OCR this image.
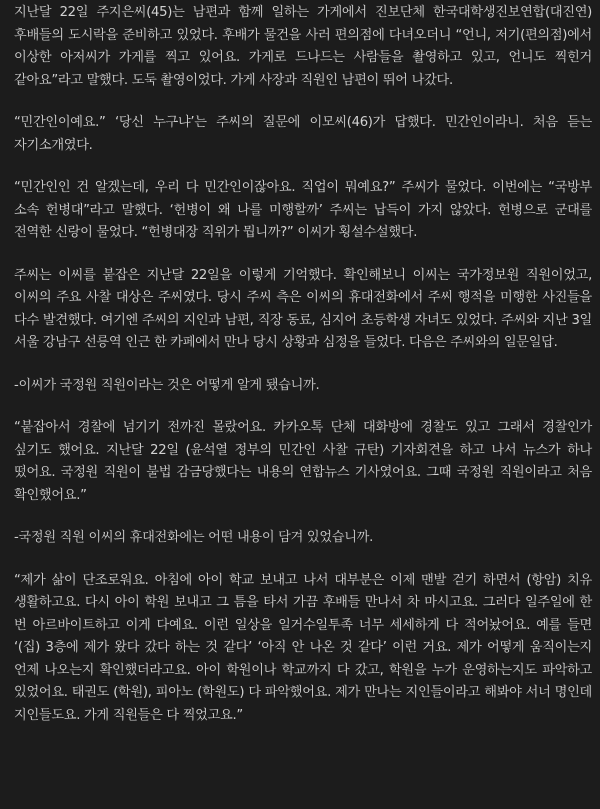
지난달 22일 주지은씨(45)는 남편과 함께 일하는 가게에서 진보단체 한국대학생진보연합(대진연) 후배들의 도시락을 준비하고 있었다. 후배가 물건을 사러 편의점에 다녀오더니 “언니, 저기(편의점)에서 이상한 아저씨가 가게를 찍고 있어요. 가게로 드나드는 사람들을 촬영하고 있고, 언니도 찍힌거 같아요”라고 말했다. 도둑 촬영이었다. 가게 사장과 직원인 남편이 뛰어 나갔다.

“민간인이예요.” ‘당신 누구냐’는 주씨의 질문에 이모씨(46)가 답했다. 민간인이라니. 처음 듣는 자기소개였다.

“민간인인 건 알겠는데, 우리 다 민간인이잖아요. 직업이 뭐예요?” 주씨가 물었다. 이번에는 “국방부 소속 헌병대”라고 말했다. ‘헌병이 왜 나를 미행할까’ 주씨는 납득이 가지 않았다. 헌병으로 군대를 전역한 신랑이 물었다. “헌병대장 직위가 뭡니까?” 이씨가 횡설수설했다.

주씨는 이씨를 붙잡은 지난달 22일을 이렇게 기억했다. 확인해보니 이씨는 국가정보원 직원이었고, 이씨의 주요 사찰 대상은 주씨였다. 당시 주씨 측은 이씨의 휴대전화에서 주씨 행적을 미행한 사진들을 다수 발견했다. 여기엔 주씨의 지인과 남편, 직장 동료, 심지어 초등학생 자녀도 있었다. 주씨와 지난 3일 서울 강남구 선릉역 인근 한 카페에서 만나 당시 상황과 심정을 들었다. 다음은 주씨와의 일문일답.

-이씨가 국정원 직원이라는 것은 어떻게 알게 됐습니까.

“붙잡아서 경찰에 넘기기 전까진 몰랐어요. 카카오톡 단체 대화방에 경찰도 있고 그래서 경찰인가 싶기도 했어요. 지난달 22일 (윤석열 정부의 민간인 사찰 규탄) 기자회견을 하고 나서 뉴스가 하나 떴어요. 국정원 직원이 불법 감금당했다는 내용의 연합뉴스 기사였어요. 그때 국정원 직원이라고 처음 확인했어요.”

-국정원 직원 이씨의 휴대전화에는 어떤 내용이 담겨 있었습니까.

“제가 삶이 단조로워요. 아침에 아이 학교 보내고 나서 대부분은 이제 맨발 걷기 하면서 (항암) 치유 생활하고요. 다시 아이 학원 보내고 그 틈을 타서 가끔 후배들 만나서 차 마시고요. 그러다 일주일에 한 번 아르바이트하고 이게 다예요. 이런 일상을 일거수일투족 너무 세세하게 다 적어놨어요. 예를 들면 ‘(집) 3층에 제가 왔다 갔다 하는 것 같다’ ‘아직 안 나온 것 같다’ 이런 거요. 제가 어떻게 움직이는지 언제 나오는지 확인했더라고요. 아이 학원이나 학교까지 다 갔고, 학원을 누가 운영하는지도 파악하고 있었어요. 태권도 (학원), 피아노 (학원도) 다 파악했어요. 제가 만나는 지인들이라고 해봐야 서너 명인데 지인들도요. 가게 직원들은 다 찍었고요.”
